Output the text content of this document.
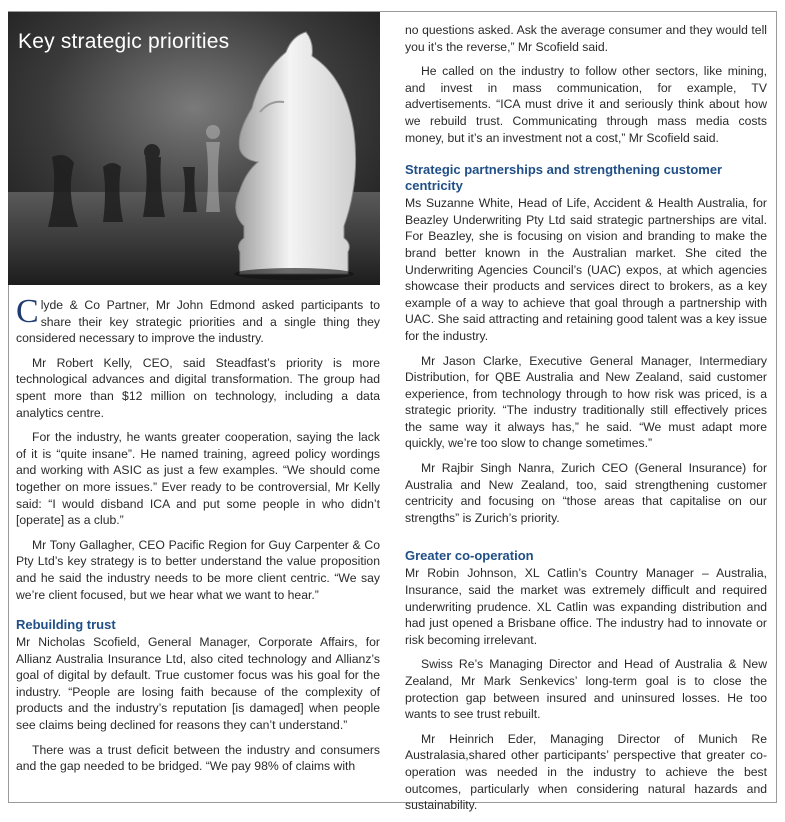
Key strategic priorities

Clyde & Co Partner, Mr John Edmond asked participants to share their key strategic priorities and a single thing they considered necessary to improve the industry.

Mr Robert Kelly, CEO, said Steadfast’s priority is more technological advances and digital transformation. The group had spent more than $12 million on technology, including a data analytics centre.

For the industry, he wants greater cooperation, saying the lack of it is “quite insane”. He named training, agreed policy wordings and working with ASIC as just a few examples. “We should come together on more issues.” Ever ready to be controversial, Mr Kelly said: “I would disband ICA and put some people in who didn’t [operate] as a club.”

Mr Tony Gallagher, CEO Pacific Region for Guy Carpenter & Co Pty Ltd’s key strategy is to better understand the value proposition and he said the industry needs to be more client centric. “We say we’re client focused, but we hear what we want to hear.”

Rebuilding trust

Mr Nicholas Scofield, General Manager, Corporate Affairs, for Allianz Australia Insurance Ltd, also cited technology and Allianz’s goal of digital by default. True customer focus was his goal for the industry. “People are losing faith because of the complexity of products and the industry’s reputation [is damaged] when people see claims being declined for reasons they can’t understand.”

There was a trust deficit between the industry and consumers and the gap needed to be bridged. “We pay 98% of claims with

no questions asked. Ask the average consumer and they would tell you it’s the reverse,” Mr Scofield said.

He called on the industry to follow other sectors, like mining, and invest in mass communication, for example, TV advertisements. “ICA must drive it and seriously think about how we rebuild trust. Communicating through mass media costs money, but it’s an investment not a cost,” Mr Scofield said.

Strategic partnerships and strengthening customer centricity

Ms Suzanne White, Head of Life, Accident & Health Australia, for Beazley Underwriting Pty Ltd said strategic partnerships are vital. For Beazley, she is focusing on vision and branding to make the brand better known in the Australian market. She cited the Underwriting Agencies Council’s (UAC) expos, at which agencies showcase their products and services direct to brokers, as a key example of a way to achieve that goal through a partnership with UAC. She said attracting and retaining good talent was a key issue for the industry.

Mr Jason Clarke, Executive General Manager, Intermediary Distribution, for QBE Australia and New Zealand, said customer experience, from technology through to how risk was priced, is a strategic priority. “The industry traditionally still effectively prices the same way it always has,” he said. “We must adapt more quickly, we’re too slow to change sometimes.”

Mr Rajbir Singh Nanra, Zurich CEO (General Insurance) for Australia and New Zealand, too, said strengthening customer centricity and focusing on “those areas that capitalise on our strengths” is Zurich’s priority.

Greater co-operation

Mr Robin Johnson, XL Catlin’s Country Manager – Australia, Insurance, said the market was extremely difficult and required underwriting prudence. XL Catlin was expanding distribution and had just opened a Brisbane office. The industry had to innovate or risk becoming irrelevant.

Swiss Re’s Managing Director and Head of Australia & New Zealand, Mr Mark Senkevics’ long-term goal is to close the protection gap between insured and uninsured losses. He too wants to see trust rebuilt.

Mr Heinrich Eder, Managing Director of Munich Re Australasia,shared other participants’ perspective that greater co-operation was needed in the industry to achieve the best outcomes, particularly when considering natural hazards and sustainability.
